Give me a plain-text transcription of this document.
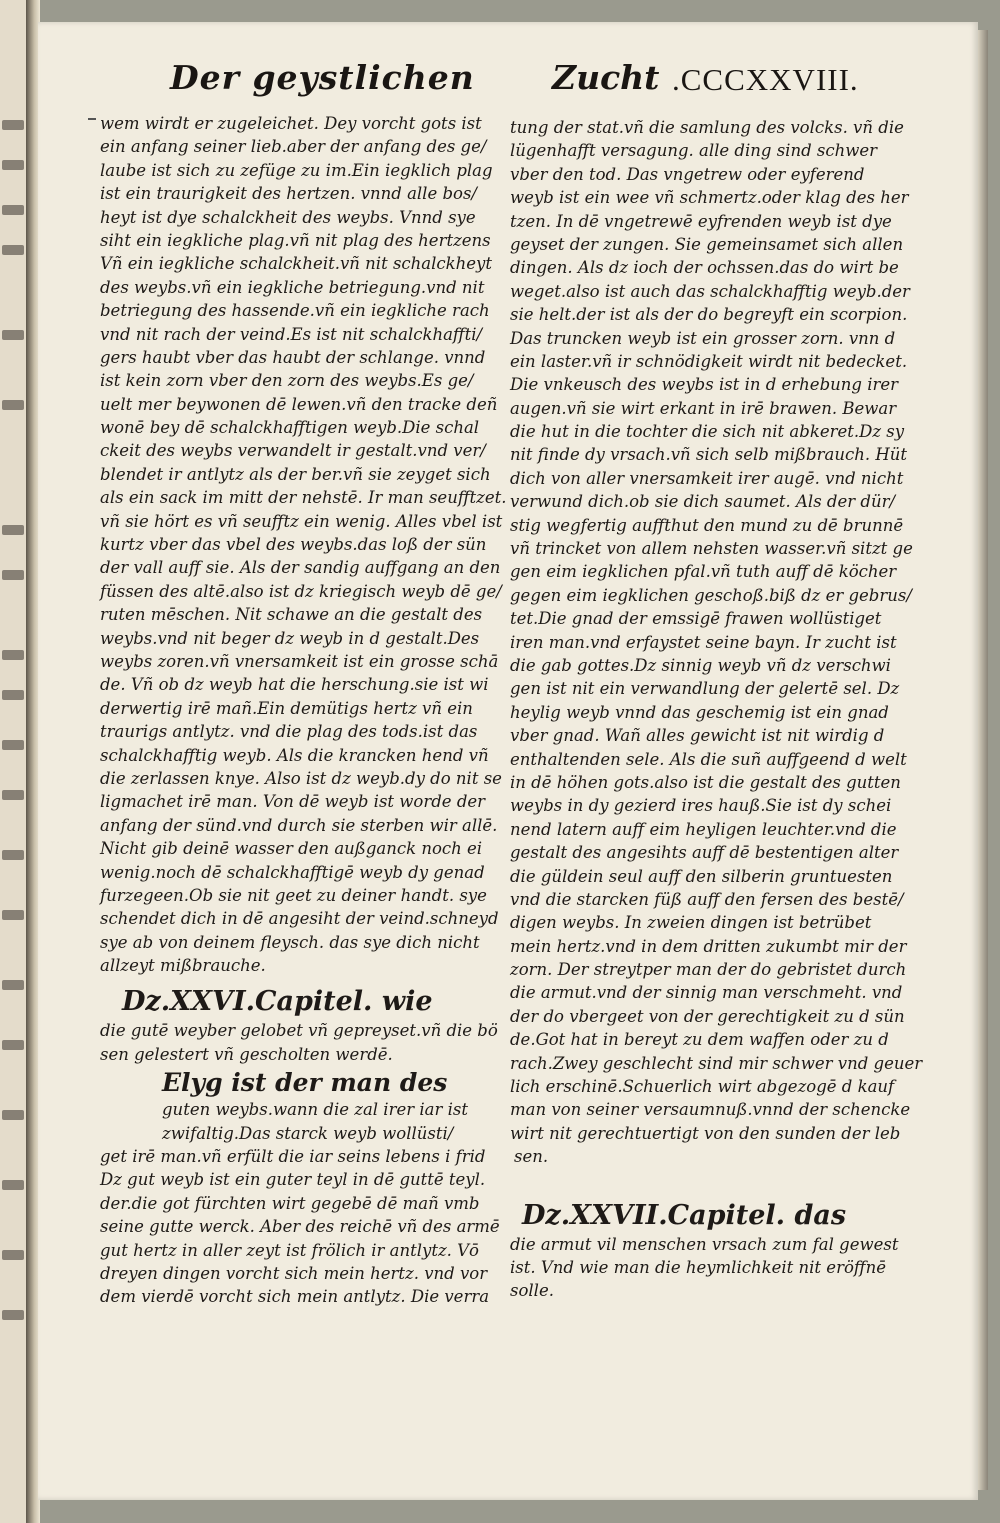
Der geystlichen Zucht .CCCXXVIII.
wem wirdt er zugeleichet. Dey vorcht gots ist
ein anfang seiner lieb.aber der anfang des ge/
laube ist sich zu zefüge zu im.Ein iegklich plag
ist ein traurigkeit des hertzen. vnnd alle bos/
heyt ist dye schalckheit des weybs. Vnnd sye
siht ein iegkliche plag.vñ nit plag des hertzens
Vñ ein iegkliche schalckheit.vñ nit schalckheyt
des weybs.vñ ein iegkliche betriegung.vnd nit
betriegung des hassende.vñ ein iegkliche rach
vnd nit rach der veind.Es ist nit schalckhaffti/
gers haubt vber das haubt der schlange. vnnd
ist kein zorn vber den zorn des weybs.Es ge/
uelt mer beywonen dē lewen.vñ den tracke deñ
wonē bey dē schalckhafftigen weyb.Die schal
ckeit des weybs verwandelt ir gestalt.vnd ver/
blendet ir antlytz als der ber.vñ sie zeyget sich
als ein sack im mitt der nehstē. Ir man seufftzet.
vñ sie hört es vñ seufftz ein wenig. Alles vbel ist
kurtz vber das vbel des weybs.das loß der sün
der vall auff sie. Als der sandig auffgang an den
füssen des altē.also ist dz kriegisch weyb dē ge/
ruten mēschen. Nit schawe an die gestalt des
weybs.vnd nit beger dz weyb in d gestalt.Des
weybs zoren.vñ vnersamkeit ist ein grosse schā
de. Vñ ob dz weyb hat die herschung.sie ist wi
derwertig irē mañ.Ein demütigs hertz vñ ein
traurigs antlytz. vnd die plag des tods.ist das
schalckhafftig weyb. Als die krancken hend vñ
die zerlassen knye. Also ist dz weyb.dy do nit se
ligmachet irē man. Von dē weyb ist worde der
anfang der sünd.vnd durch sie sterben wir allē.
Nicht gib deinē wasser den außganck noch ei
wenig.noch dē schalckhafftigē weyb dy genad
furzegeen.Ob sie nit geet zu deiner handt. sye
schendet dich in dē angesiht der veind.schneyd
sye ab von deinem fleysch. das sye dich nicht
allzeyt mißbrauche.
Dz.XXVI.Capitel. wie
die gutē weyber gelobet vñ gepreyset.vñ die bö
sen gelestert vñ gescholten werdē.
Elyg ist der man des
guten weybs.wann die zal irer iar ist
zwifaltig.Das starck weyb wollüsti/
get irē man.vñ erfült die iar seins lebens i frid
Dz gut weyb ist ein guter teyl in dē guttē teyl.
der.die got fürchten wirt gegebē dē mañ vmb
seine gutte werck. Aber des reichē vñ des armē
gut hertz in aller zeyt ist frölich ir antlytz. Vō
dreyen dingen vorcht sich mein hertz. vnd vor
dem vierdē vorcht sich mein antlytz. Die verra
tung der stat.vñ die samlung des volcks. vñ die
lügenhafft versagung. alle ding sind schwer
vber den tod. Das vngetrew oder eyferend
weyb ist ein wee vñ schmertz.oder klag des her
tzen. In dē vngetrewē eyfrenden weyb ist dye
geyset der zungen. Sie gemeinsamet sich allen
dingen. Als dz ioch der ochssen.das do wirt be
weget.also ist auch das schalckhafftig weyb.der
sie helt.der ist als der do begreyft ein scorpion.
Das truncken weyb ist ein grosser zorn. vnn d
ein laster.vñ ir schnödigkeit wirdt nit bedecket.
Die vnkeusch des weybs ist in d erhebung irer
augen.vñ sie wirt erkant in irē brawen. Bewar
die hut in die tochter die sich nit abkeret.Dz sy
nit finde dy vrsach.vñ sich selb mißbrauch. Hüt
dich von aller vnersamkeit irer augē. vnd nicht
verwund dich.ob sie dich saumet. Als der dür/
stig wegfertig auffthut den mund zu dē brunnē
vñ trincket von allem nehsten wasser.vñ sitzt ge
gen eim iegklichen pfal.vñ tuth auff dē köcher
gegen eim iegklichen geschoß.biß dz er gebrus/
tet.Die gnad der emssigē frawen wollüstiget
iren man.vnd erfaystet seine bayn. Ir zucht ist
die gab gottes.Dz sinnig weyb vñ dz verschwi
gen ist nit ein verwandlung der gelertē sel. Dz
heylig weyb vnnd das geschemig ist ein gnad
vber gnad. Wañ alles gewicht ist nit wirdig d
enthaltenden sele. Als die suñ auffgeend d welt
in dē höhen gots.also ist die gestalt des gutten
weybs in dy gezierd ires hauß.Sie ist dy schei
nend latern auff eim heyligen leuchter.vnd die
gestalt des angesihts auff dē bestentigen alter
die güldein seul auff den silberin gruntuesten
vnd die starcken füß auff den fersen des bestē/
digen weybs. In zweien dingen ist betrübet
mein hertz.vnd in dem dritten zukumbt mir der
zorn. Der streytper man der do gebristet durch
die armut.vnd der sinnig man verschmeht. vnd
der do vbergeet von der gerechtigkeit zu d sün
de.Got hat in bereyt zu dem waffen oder zu d
rach.Zwey geschlecht sind mir schwer vnd geuer
lich erschinē.Schuerlich wirt abgezogē d kauf
man von seiner versaumnuß.vnnd der schencke
wirt nit gerechtuertigt von den sunden der leb
sen.
Dz.XXVII.Capitel. das
die armut vil menschen vrsach zum fal gewest
ist. Vnd wie man die heymlichkeit nit eröffnē
solle.
